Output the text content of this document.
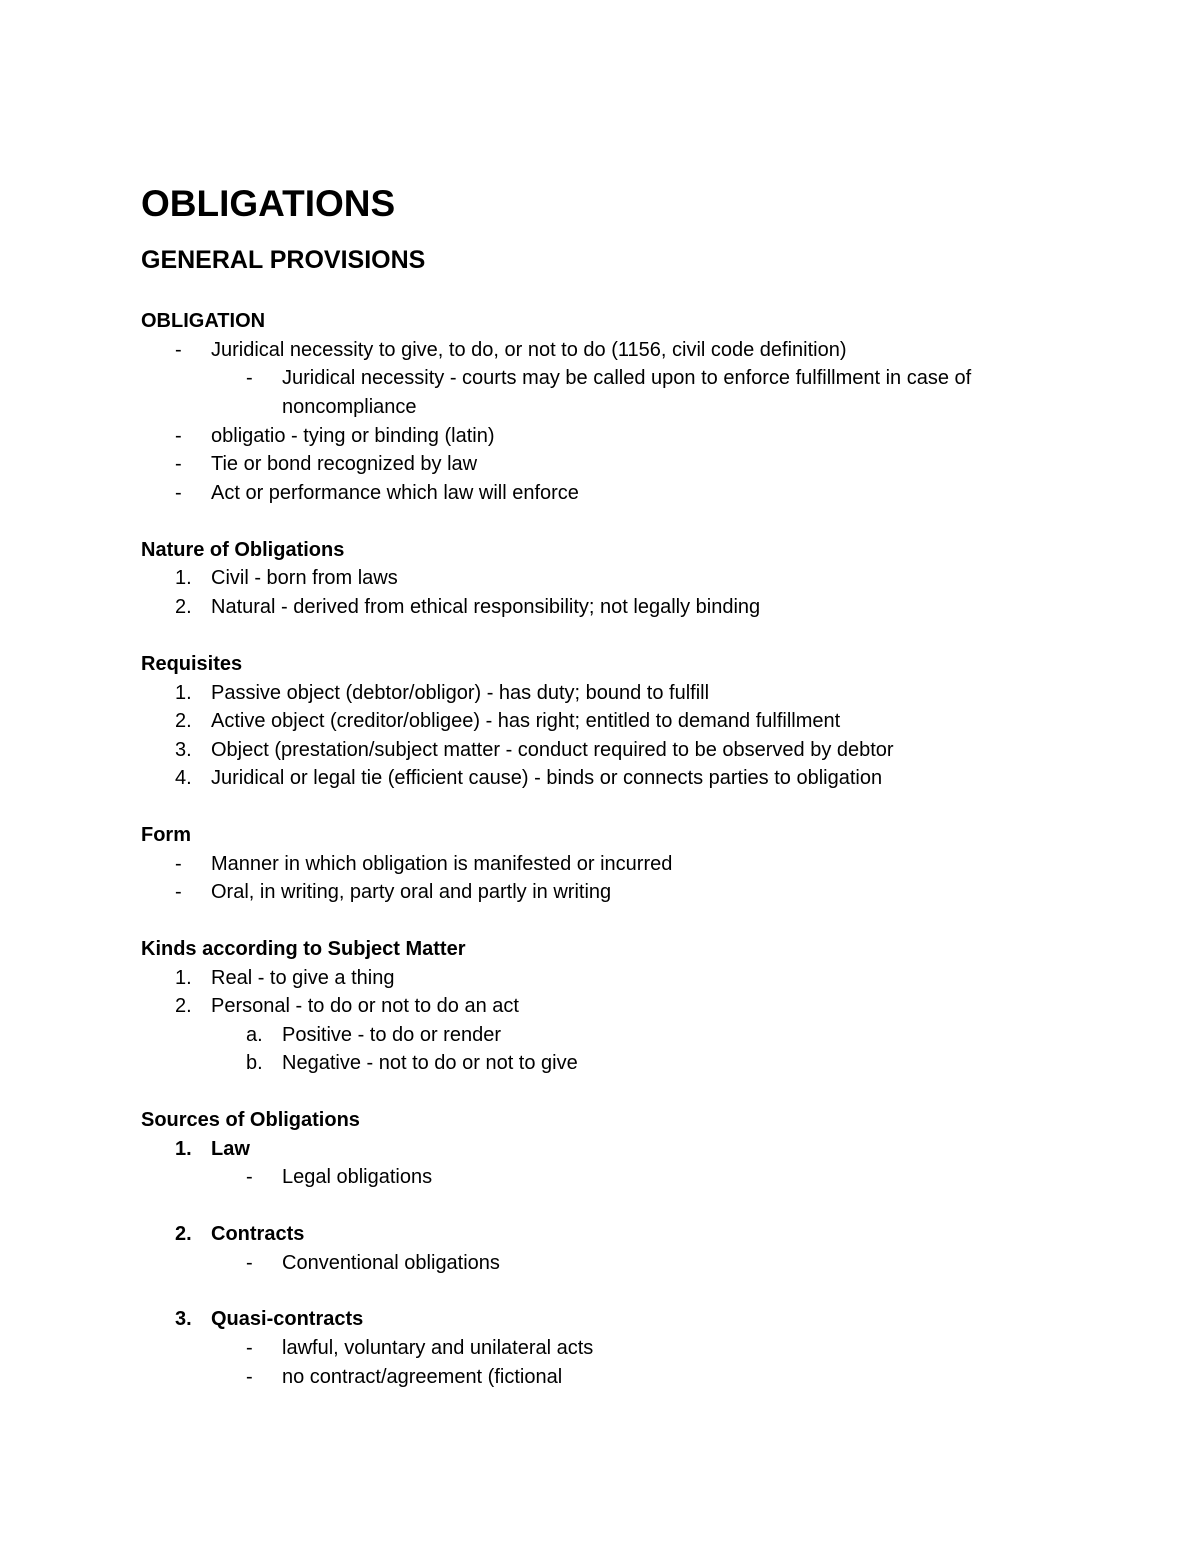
OBLIGATIONS
GENERAL PROVISIONS
OBLIGATION
- Juridical necessity to give, to do, or not to do (1156, civil code definition)
- Juridical necessity - courts may be called upon to enforce fulfillment in case of
noncompliance
- obligatio - tying or binding (latin)
- Tie or bond recognized by law
- Act or performance which law will enforce
Nature of Obligations
1. Civil - born from laws
2. Natural - derived from ethical responsibility; not legally binding
Requisites
1. Passive object (debtor/obligor) - has duty; bound to fulfill
2. Active object (creditor/obligee) - has right; entitled to demand fulfillment
3. Object (prestation/subject matter - conduct required to be observed by debtor
4. Juridical or legal tie (efficient cause) - binds or connects parties to obligation
Form
- Manner in which obligation is manifested or incurred
- Oral, in writing, party oral and partly in writing
Kinds according to Subject Matter
1. Real - to give a thing
2. Personal - to do or not to do an act
a. Positive - to do or render
b. Negative - not to do or not to give
Sources of Obligations
1. Law
- Legal obligations
2. Contracts
- Conventional obligations
3. Quasi-contracts
- lawful, voluntary and unilateral acts
- no contract/agreement (fictional
